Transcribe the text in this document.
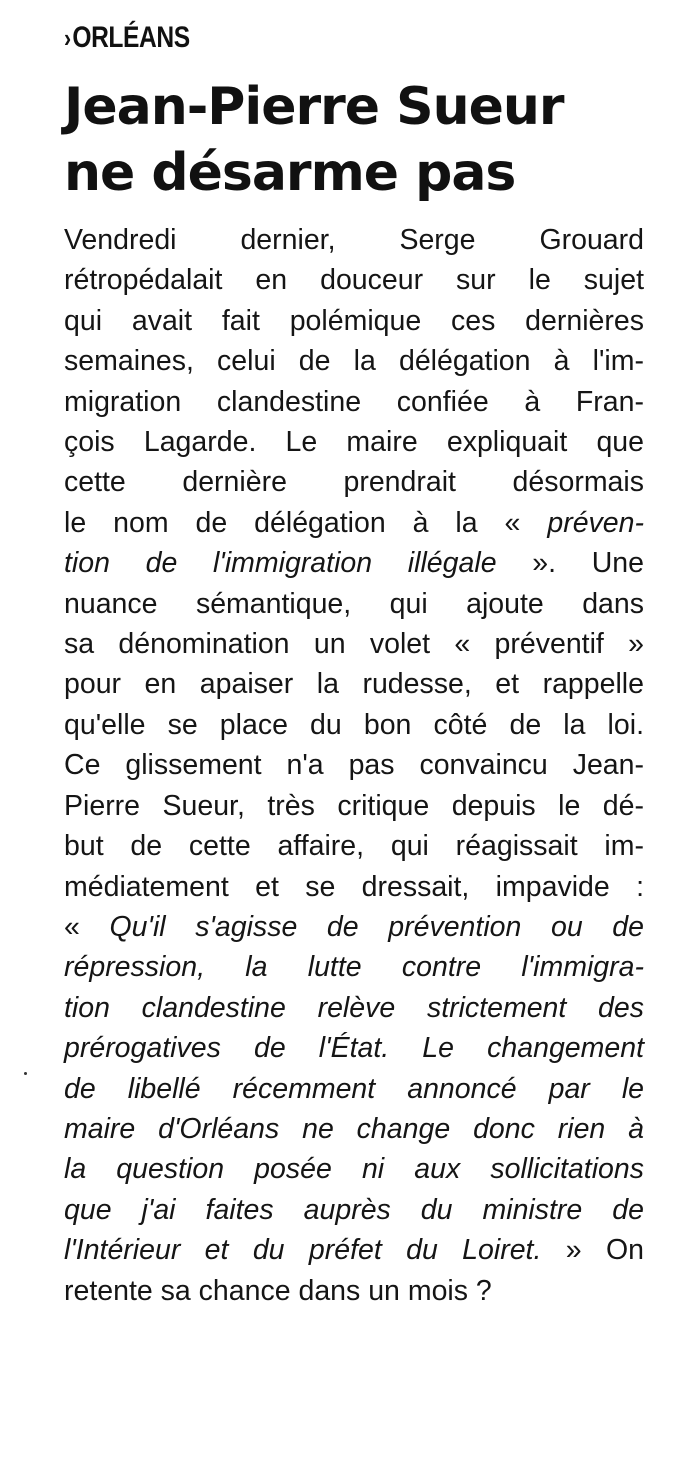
› ORLÉANS
Jean-Pierre Sueur
ne désarme pas
Vendredi dernier, Serge Grouard
rétropédalait en douceur sur le sujet
qui avait fait polémique ces dernières
semaines, celui de la délégation à l'im-
migration clandestine confiée à Fran-
çois Lagarde. Le maire expliquait que
cette dernière prendrait désormais
le nom de délégation à la « préven-
tion de l'immigration illégale ». Une
nuance sémantique, qui ajoute dans
sa dénomination un volet « préventif »
pour en apaiser la rudesse, et rappelle
qu'elle se place du bon côté de la loi.
Ce glissement n'a pas convaincu Jean-
Pierre Sueur, très critique depuis le dé-
but de cette affaire, qui réagissait im-
médiatement et se dressait, impavide :
« Qu'il s'agisse de prévention ou de
répression, la lutte contre l'immigra-
tion clandestine relève strictement des
prérogatives de l'État. Le changement
de libellé récemment annoncé par le
maire d'Orléans ne change donc rien à
la question posée ni aux sollicitations
que j'ai faites auprès du ministre de
l'Intérieur et du préfet du Loiret. » On
retente sa chance dans un mois ?
